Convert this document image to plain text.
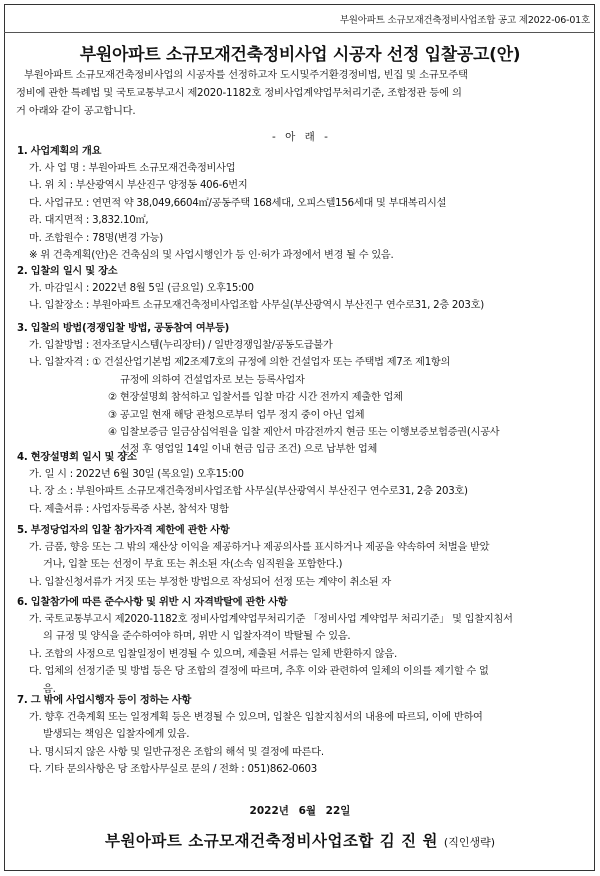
부원아파트 소규모재건축정비사업조합 공고 제2022-06-01호
부원아파트 소규모재건축정비사업 시공자 선정 입찰공고(안)
부원아파트 소규모재건축정비사업의 시공자를 선정하고자 도시및주거환경정비법, 빈집 및 소규모주택
정비에 관한 특례법 및 국토교통부고시 제2020-1182호 정비사업계약업무처리기준, 조합정관 등에 의
거 아래와 같이 공고합니다.
- 아 래 -
1. 사업계획의 개요
가. 사 업 명 : 부원아파트 소규모재건축정비사업
나. 위 치 : 부산광역시 부산진구 양정동 406-6번지
다. 사업규모 : 연면적 약 38,049,6604㎡/공동주택 168세대, 오피스텔156세대 및 부대복리시설
라. 대지면적 : 3,832.10㎡,
마. 조합원수 : 78명(변경 가능)
※ 위 건축계획(안)은 건축심의 및 사업시행인가 등 인·허가 과정에서 변경 될 수 있음.
2. 입찰의 일시 및 장소
가. 마감일시 : 2022년 8월 5일 (금요일) 오후15:00
나. 입찰장소 : 부원아파트 소규모재건축정비사업조합 사무실(부산광역시 부산진구 연수로31, 2층 203호)
3. 입찰의 방법(경쟁입찰 방법, 공동참여 여부등)
가. 입찰방법 : 전자조달시스템(누리장터) / 일반경쟁입찰/공동도급불가
나. 입찰자격 : ① 건설산업기본법 제2조제7호의 규정에 의한 건설업자 또는 주택법 제7조 제1항의
규정에 의하여 건설업자로 보는 등록사업자
② 현장설명회 참석하고 입찰서를 입찰 마감 시간 전까지 제출한 업체
③ 공고일 현재 해당 관청으로부터 업무 정지 중이 아닌 업체
④ 입찰보증금 일금삼십억원을 입찰 제안서 마감전까지 현금 또는 이행보증보험증권(시공사
선정 후 영업일 14일 이내 현금 입금 조건) 으로 납부한 업체
4. 현장설명회 일시 및 장소
가. 일 시 : 2022년 6월 30일 (목요일) 오후15:00
나. 장 소 : 부원아파트 소규모재건축정비사업조합 사무실(부산광역시 부산진구 연수로31, 2층 203호)
다. 제출서류 : 사업자등록증 사본, 참석자 명함
5. 부정당업자의 입찰 참가자격 제한에 관한 사항
가. 금품, 향응 또는 그 밖의 재산상 이익을 제공하거나 제공의사를 표시하거나 제공을 약속하여 처벌을 받았
거나, 입찰 또는 선정이 무효 또는 취소된 자(소속 임직원을 포함한다.)
나. 입찰신청서류가 거짓 또는 부정한 방법으로 작성되어 선정 또는 계약이 취소된 자
6. 입찰참가에 따른 준수사항 및 위반 시 자격박탈에 관한 사항
가. 국토교통부고시 제2020-1182호 정비사업계약업무처리기준 「정비사업 계약업무 처리기준」 및 입찰지침서
의 규정 및 양식을 준수하여야 하며, 위반 시 입찰자격이 박탈될 수 있음.
나. 조합의 사정으로 입찰일정이 변경될 수 있으며, 제출된 서류는 일체 반환하지 않음.
다. 업체의 선정기준 및 방법 등은 당 조합의 결정에 따르며, 추후 이와 관련하여 일체의 이의를 제기할 수 없
음.
7. 그 밖에 사업시행자 등이 정하는 사항
가. 향후 건축계획 또는 일정계획 등은 변경될 수 있으며, 입찰은 입찰지침서의 내용에 따르되, 이에 반하여
발생되는 책임은 입찰자에게 있음.
나. 명시되지 않은 사항 및 일반규정은 조합의 해석 및 결정에 따른다.
다. 기타 문의사항은 당 조합사무실로 문의 / 전화 : 051)862-0603
2022년 6월 22일
부원아파트 소규모재건축정비사업조합 김 진 원 (직인생략)
